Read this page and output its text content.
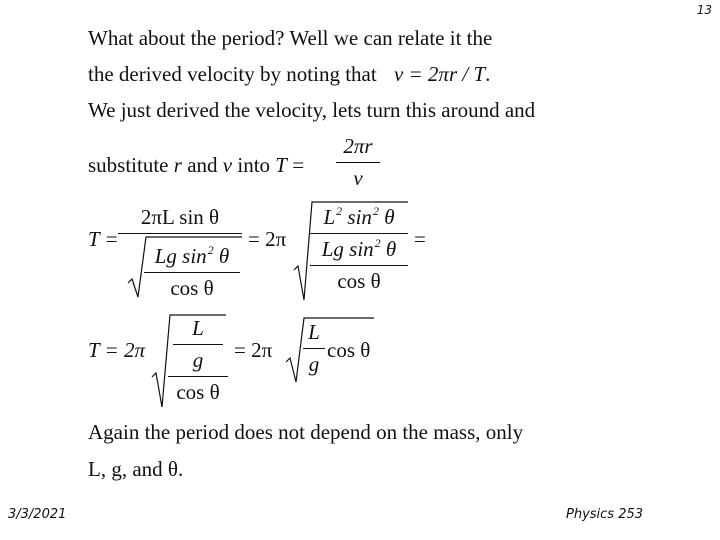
13
What about the period? Well we can relate it the
the derived velocity by noting that v = 2πr / T.
We just derived the velocity, lets turn this around and
substitute r and v into T =
2πr
v
T =
2πL sin θ
Lg $\sin^2 \theta$
cos θ
= 2π
$L^2$ $\sin^2 \theta$
Lg $\sin^2 \theta$
cos θ
=
T = 2π
L
g
cos θ
= 2π
L
g
cos θ
Again the period does not depend on the mass, only
L, g, and θ.
3/3/2021	Physics 253
